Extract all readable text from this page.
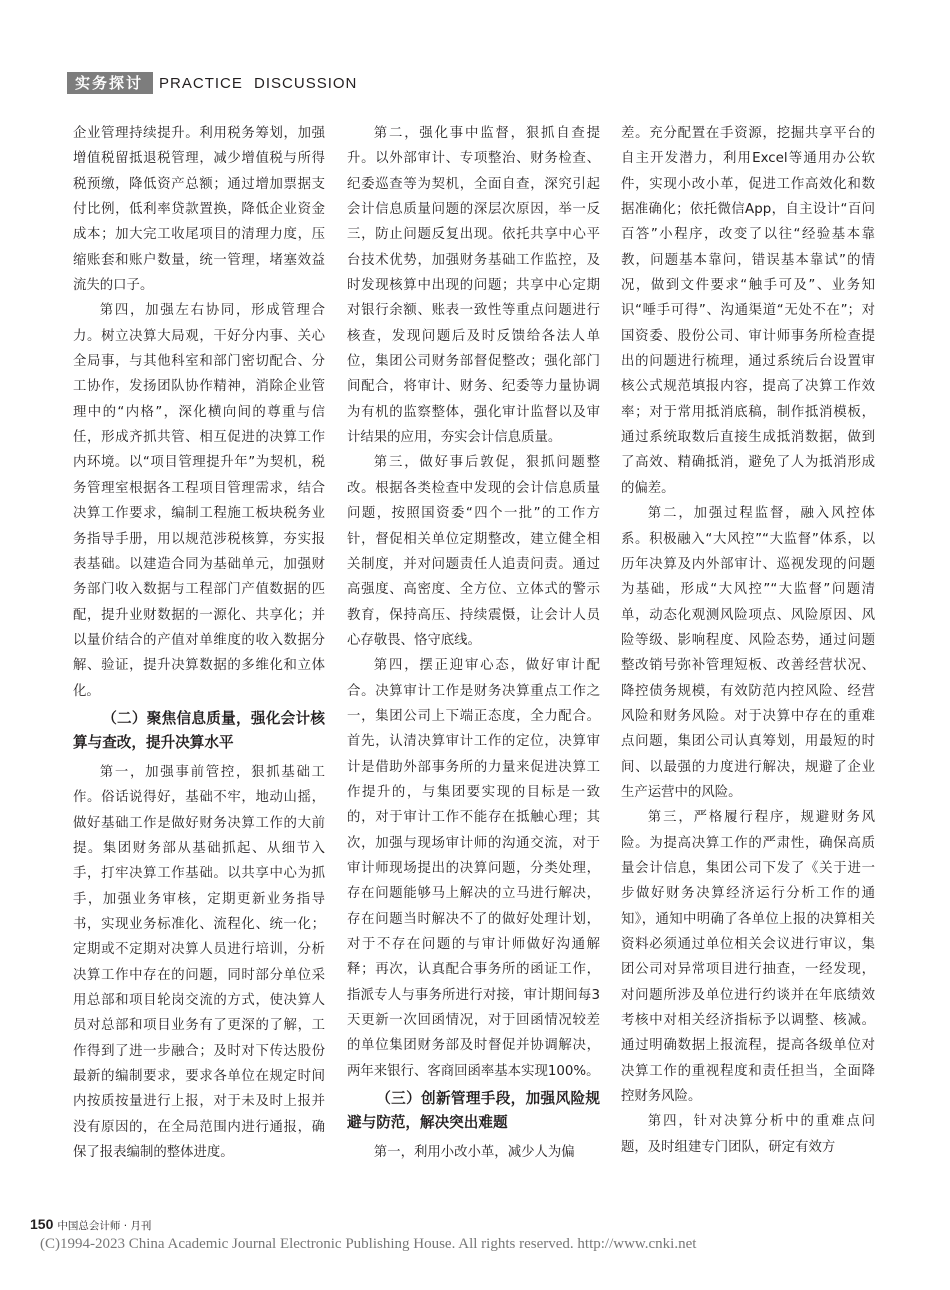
实务探讨	PRACTICE DISCUSSION

企业管理持续提升。利用税务筹划，加强增值税留抵退税管理，减少增值税与所得税预缴，降低资产总额；通过增加票据支付比例，低利率贷款置换，降低企业资金成本；加大完工收尾项目的清理力度，压缩账套和账户数量，统一管理，堵塞效益流失的口子。

第四，加强左右协同，形成管理合力。树立决算大局观，干好分内事、关心全局事，与其他科室和部门密切配合、分工协作，发扬团队协作精神，消除企业管理中的“内格”，深化横向间的尊重与信任，形成齐抓共管、相互促进的决算工作内环境。以“项目管理提升年”为契机，税务管理室根据各工程项目管理需求，结合决算工作要求，编制工程施工板块税务业务指导手册，用以规范涉税核算，夯实报表基础。以建造合同为基础单元，加强财务部门收入数据与工程部门产值数据的匹配，提升业财数据的一源化、共享化；并以量价结合的产值对单维度的收入数据分解、验证，提升决算数据的多维化和立体化。

（二）聚焦信息质量，强化会计核算与查改，提升决算水平

第一，加强事前管控，狠抓基础工作。俗话说得好，基础不牢，地动山摇，做好基础工作是做好财务决算工作的大前提。集团财务部从基础抓起、从细节入手，打牢决算工作基础。以共享中心为抓手，加强业务审核，定期更新业务指导书，实现业务标准化、流程化、统一化；定期或不定期对决算人员进行培训，分析决算工作中存在的问题，同时部分单位采用总部和项目轮岗交流的方式，使决算人员对总部和项目业务有了更深的了解，工作得到了进一步融合；及时对下传达股份最新的编制要求，要求各单位在规定时间内按质按量进行上报，对于未及时上报并没有原因的，在全局范围内进行通报，确保了报表编制的整体进度。

第二，强化事中监督，狠抓自查提升。以外部审计、专项整治、财务检查、纪委巡查等为契机，全面自查，深究引起会计信息质量问题的深层次原因，举一反三，防止问题反复出现。依托共享中心平台技术优势，加强财务基础工作监控，及时发现核算中出现的问题；共享中心定期对银行余额、账表一致性等重点问题进行核查，发现问题后及时反馈给各法人单位，集团公司财务部督促整改；强化部门间配合，将审计、财务、纪委等力量协调为有机的监察整体，强化审计监督以及审计结果的应用，夯实会计信息质量。

第三，做好事后敦促，狠抓问题整改。根据各类检查中发现的会计信息质量问题，按照国资委“四个一批”的工作方针，督促相关单位定期整改，建立健全相关制度，并对问题责任人追责问责。通过高强度、高密度、全方位、立体式的警示教育，保持高压、持续震慑，让会计人员心存敬畏、恪守底线。

第四，摆正迎审心态，做好审计配合。决算审计工作是财务决算重点工作之一，集团公司上下端正态度，全力配合。首先，认清决算审计工作的定位，决算审计是借助外部事务所的力量来促进决算工作提升的，与集团要实现的目标是一致的，对于审计工作不能存在抵触心理；其次，加强与现场审计师的沟通交流，对于审计师现场提出的决算问题，分类处理，存在问题能够马上解决的立马进行解决，存在问题当时解决不了的做好处理计划，对于不存在问题的与审计师做好沟通解释；再次，认真配合事务所的函证工作，指派专人与事务所进行对接，审计期间每3天更新一次回函情况，对于回函情况较差的单位集团财务部及时督促并协调解决，两年来银行、客商回函率基本实现100%。

（三）创新管理手段，加强风险规避与防范，解决突出难题

第一，利用小改小革，减少人为偏

差。充分配置在手资源，挖掘共享平台的自主开发潜力，利用Excel等通用办公软件，实现小改小革，促进工作高效化和数据准确化；依托微信App，自主设计“百问百答”小程序，改变了以往“经验基本靠教，问题基本靠问，错误基本靠试”的情况，做到文件要求“触手可及”、业务知识“唾手可得”、沟通渠道“无处不在”；对国资委、股份公司、审计师事务所检查提出的问题进行梳理，通过系统后台设置审核公式规范填报内容，提高了决算工作效率；对于常用抵消底稿，制作抵消模板，通过系统取数后直接生成抵消数据，做到了高效、精确抵消，避免了人为抵消形成的偏差。

第二，加强过程监督，融入风控体系。积极融入“大风控”“大监督”体系，以历年决算及内外部审计、巡视发现的问题为基础，形成“大风控”“大监督”问题清单，动态化观测风险项点、风险原因、风险等级、影响程度、风险态势，通过问题整改销号弥补管理短板、改善经营状况、降控债务规模，有效防范内控风险、经营风险和财务风险。对于决算中存在的重难点问题，集团公司认真筹划，用最短的时间、以最强的力度进行解决，规避了企业生产运营中的风险。

第三，严格履行程序，规避财务风险。为提高决算工作的严肃性，确保高质量会计信息，集团公司下发了《关于进一步做好财务决算经济运行分析工作的通知》，通知中明确了各单位上报的决算相关资料必须通过单位相关会议进行审议，集团公司对异常项目进行抽查，一经发现，对问题所涉及单位进行约谈并在年底绩效考核中对相关经济指标予以调整、核减。通过明确数据上报流程，提高各级单位对决算工作的重视程度和责任担当，全面降控财务风险。

第四，针对决算分析中的重难点问题，及时组建专门团队，研定有效方

150 中国总会计师 · 月刊
(C)1994-2023 China Academic Journal Electronic Publishing House. All rights reserved. http://www.cnki.net
